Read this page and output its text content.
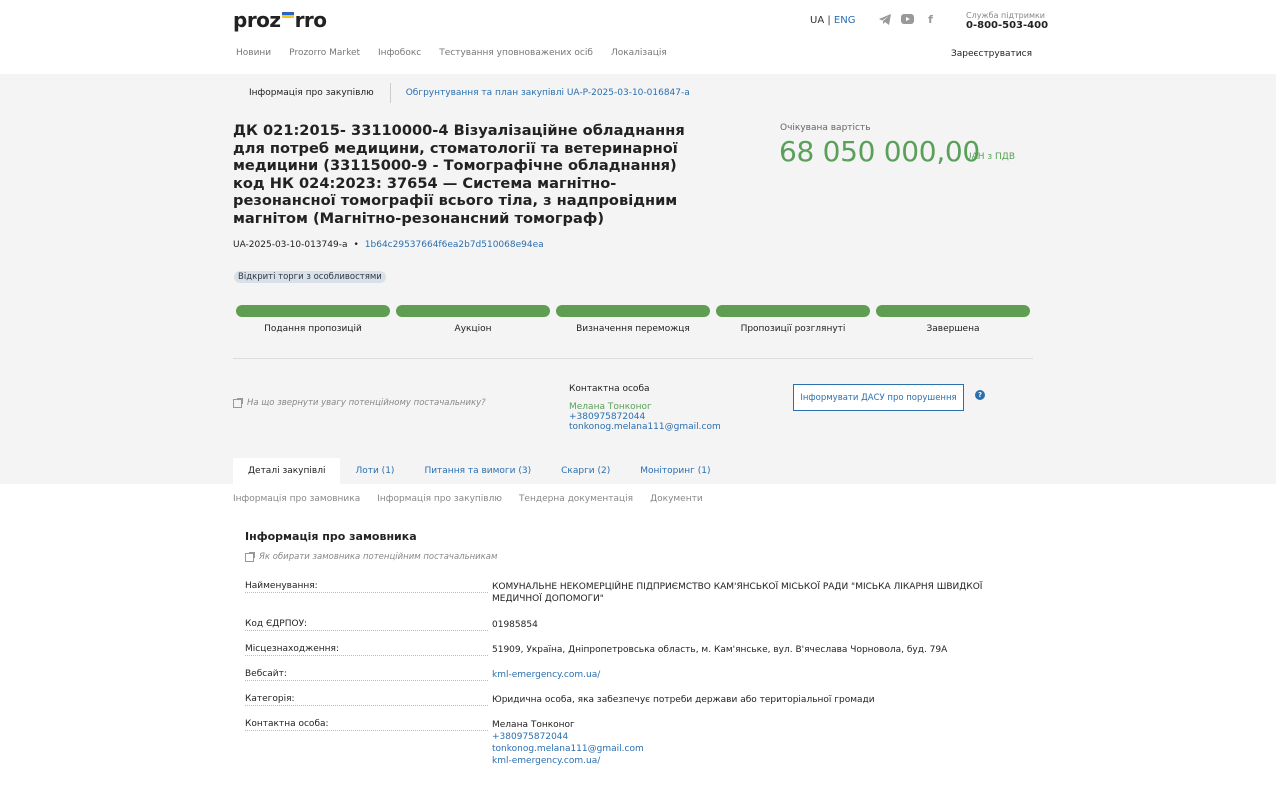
proz rro	UA | ENG	f	Служба підтримки
0-800-503-400
Новини Prozorro Market Інфобокс Тестування уповноважених осіб Локалізація	Зареєструватися
Інформація про закупівлю	Обгрунтування та план закупівлі UA-P-2025-03-10-016847-a
ДК 021:2015- 33110000-4 Візуалізаційне обладнання для потреб медицини, стоматології та ветеринарної медицини (33115000-9 - Томографічне обладнання) код НК 024:2023: 37654 — Система магнітно-резонансної томографії всього тіла, з надпровідним магнітом (Магнітно-резонансний томограф)
Очікувана вартість
68 050 000,00
UAH з ПДВ
UA-2025-03-10-013749-a • 1b64c29537664f6ea2b7d510068e94ea
Відкриті торги з особливостями
Подання пропозицій	Аукціон	Визначення переможця	Пропозиції розглянуті	Завершена
На що звернути увагу потенційному постачальнику?
Контактна особа
Мелана Тонконог
+380975872044
tonkonog.melana111@gmail.com
Інформувати ДАСУ про порушення	?
Деталі закупівлі	Лоти (1)	Питання та вимоги (3)	Скарги (2)	Моніторинг (1)
Інформація про замовника Інформація про закупівлю Тендерна документація Документи
Інформація про замовника
Як обирати замовника потенційним постачальникам
Найменування:	КОМУНАЛЬНЕ НЕКОМЕРЦІЙНЕ ПІДПРИЄМСТВО КАМ'ЯНСЬКОЇ МІСЬКОЇ РАДИ "МІСЬКА ЛІКАРНЯ ШВИДКОЇ МЕДИЧНОЇ ДОПОМОГИ"
Код ЄДРПОУ:	01985854
Місцезнаходження:	51909, Україна, Дніпропетровська область, м. Кам'янське, вул. В'ячеслава Чорновола, буд. 79А
Вебсайт:	kml-emergency.com.ua/
Категорія:	Юридична особа, яка забезпечує потреби держави або територіальної громади
Контактна особа:	Мелана Тонконог
+380975872044
tonkonog.melana111@gmail.com
kml-emergency.com.ua/
